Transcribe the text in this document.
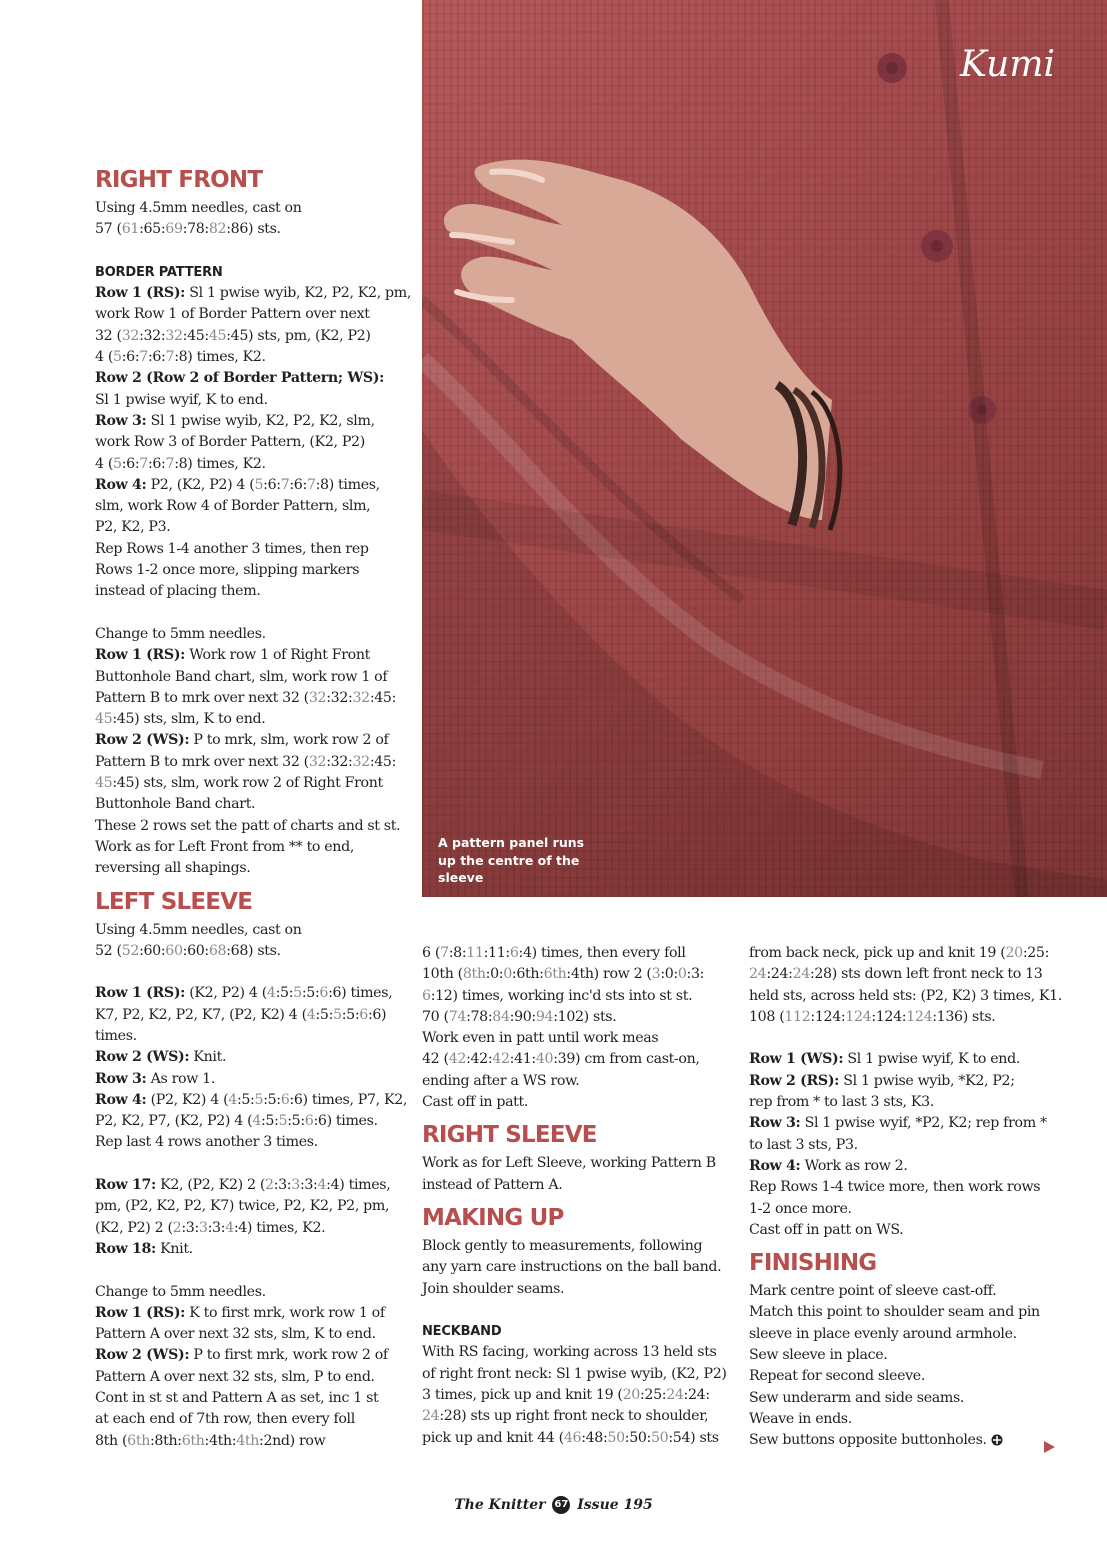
Kumi
A pattern panel runs up the centre of the sleeve
RIGHT FRONT

Using 4.5mm needles, cast on

57 (61:65:69:78:82:86) sts.

BORDER PATTERN

Row 1 (RS): Sl 1 pwise wyib, K2, P2, K2, pm,

work Row 1 of Border Pattern over next

32 (32:32:32:45:45:45) sts, pm, (K2, P2)

4 (5:6:7:6:7:8) times, K2.

Row 2 (Row 2 of Border Pattern; WS):

Sl 1 pwise wyif, K to end.

Row 3: Sl 1 pwise wyib, K2, P2, K2, slm,

work Row 3 of Border Pattern, (K2, P2)

4 (5:6:7:6:7:8) times, K2.

Row 4: P2, (K2, P2) 4 (5:6:7:6:7:8) times,

slm, work Row 4 of Border Pattern, slm,

P2, K2, P3.

Rep Rows 1-4 another 3 times, then rep

Rows 1-2 once more, slipping markers

instead of placing them.

Change to 5mm needles.

Row 1 (RS): Work row 1 of Right Front

Buttonhole Band chart, slm, work row 1 of

Pattern B to mrk over next 32 (32:32:32:45:

45:45) sts, slm, K to end.

Row 2 (WS): P to mrk, slm, work row 2 of

Pattern B to mrk over next 32 (32:32:32:45:

45:45) sts, slm, work row 2 of Right Front

Buttonhole Band chart.

These 2 rows set the patt of charts and st st.

Work as for Left Front from ** to end,

reversing all shapings.

LEFT SLEEVE

Using 4.5mm needles, cast on

52 (52:60:60:60:68:68) sts.

Row 1 (RS): (K2, P2) 4 (4:5:5:5:6:6) times,

K7, P2, K2, P2, K7, (P2, K2) 4 (4:5:5:5:6:6)

times.

Row 2 (WS): Knit.

Row 3: As row 1.

Row 4: (P2, K2) 4 (4:5:5:5:6:6) times, P7, K2,

P2, K2, P7, (K2, P2) 4 (4:5:5:5:6:6) times.

Rep last 4 rows another 3 times.

Row 17: K2, (P2, K2) 2 (2:3:3:3:4:4) times,

pm, (P2, K2, P2, K7) twice, P2, K2, P2, pm,

(K2, P2) 2 (2:3:3:3:4:4) times, K2.

Row 18: Knit.

Change to 5mm needles.

Row 1 (RS): K to first mrk, work row 1 of

Pattern A over next 32 sts, slm, K to end.

Row 2 (WS): P to first mrk, work row 2 of

Pattern A over next 32 sts, slm, P to end.

Cont in st st and Pattern A as set, inc 1 st

at each end of 7th row, then every foll

8th (6th:8th:6th:4th:4th:2nd) row

6 (7:8:11:11:6:4) times, then every foll

10th (8th:0:0:6th:6th:4th) row 2 (3:0:0:3:

6:12) times, working inc'd sts into st st.

70 (74:78:84:90:94:102) sts.

Work even in patt until work meas

42 (42:42:42:41:40:39) cm from cast-on,

ending after a WS row.

Cast off in patt.

RIGHT SLEEVE

Work as for Left Sleeve, working Pattern B

instead of Pattern A.

MAKING UP

Block gently to measurements, following

any yarn care instructions on the ball band.

Join shoulder seams.

NECKBAND

With RS facing, working across 13 held sts

of right front neck: Sl 1 pwise wyib, (K2, P2)

3 times, pick up and knit 19 (20:25:24:24:

24:28) sts up right front neck to shoulder,

pick up and knit 44 (46:48:50:50:50:54) sts

from back neck, pick up and knit 19 (20:25:

24:24:24:28) sts down left front neck to 13

held sts, across held sts: (P2, K2) 3 times, K1.

108 (112:124:124:124:124:136) sts.

Row 1 (WS): Sl 1 pwise wyif, K to end.

Row 2 (RS): Sl 1 pwise wyib, *K2, P2;

rep from * to last 3 sts, K3.

Row 3: Sl 1 pwise wyif, *P2, K2; rep from *

to last 3 sts, P3.

Row 4: Work as row 2.

Rep Rows 1-4 twice more, then work rows

1-2 once more.

Cast off in patt on WS.

FINISHING

Mark centre point of sleeve cast-off.

Match this point to shoulder seam and pin

sleeve in place evenly around armhole.

Sew sleeve in place.

Repeat for second sleeve.

Sew underarm and side seams.

Weave in ends.

Sew buttons opposite buttonholes.

The Knitter 67 Issue 195
